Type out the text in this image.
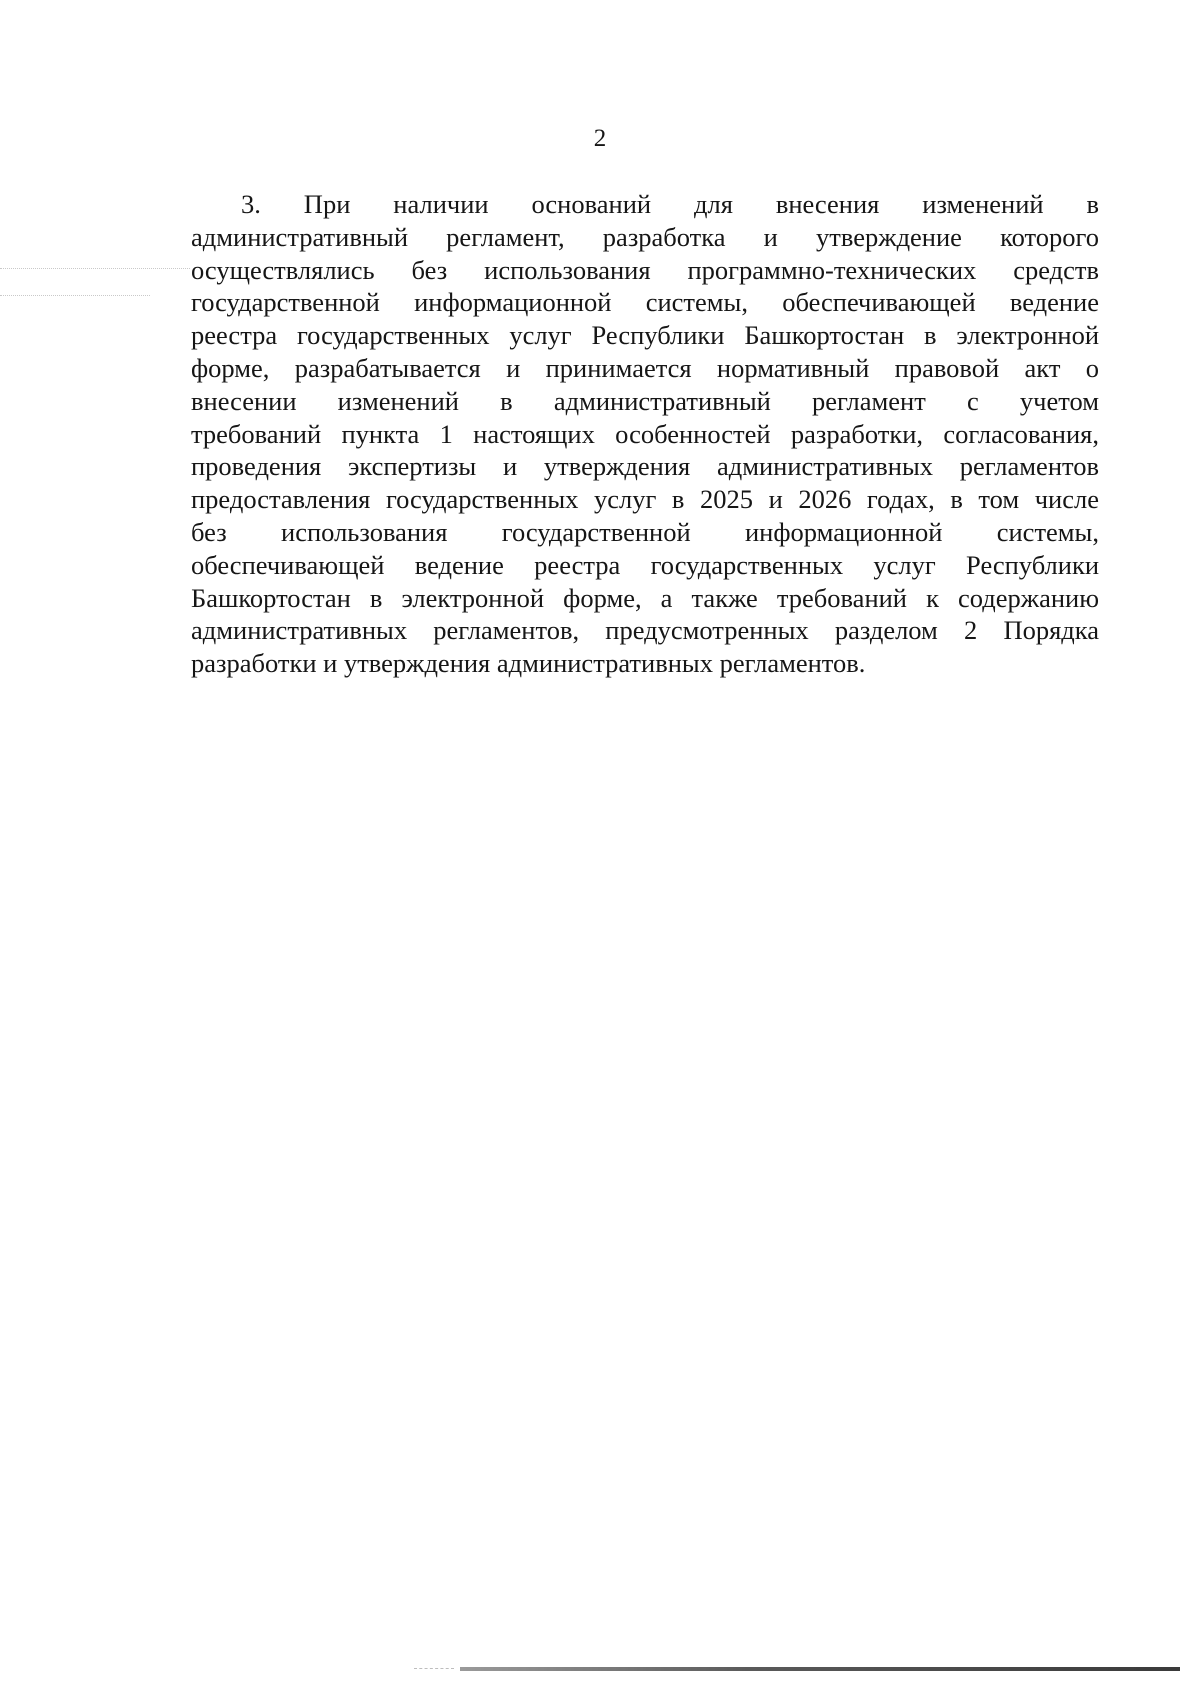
2

3. При наличии оснований для внесения изменений в
административный регламент, разработка и утверждение которого
осуществлялись без использования программно-технических средств
государственной информационной системы, обеспечивающей ведение
реестра государственных услуг Республики Башкортостан в электронной
форме, разрабатывается и принимается нормативный правовой акт о
внесении изменений в административный регламент с учетом
требований пункта 1 настоящих особенностей разработки, согласования,
проведения экспертизы и утверждения административных регламентов
предоставления государственных услуг в 2025 и 2026 годах, в том числе
без использования государственной информационной системы,
обеспечивающей ведение реестра государственных услуг Республики
Башкортостан в электронной форме, а также требований к содержанию
административных регламентов, предусмотренных разделом 2 Порядка
разработки и утверждения административных регламентов.
